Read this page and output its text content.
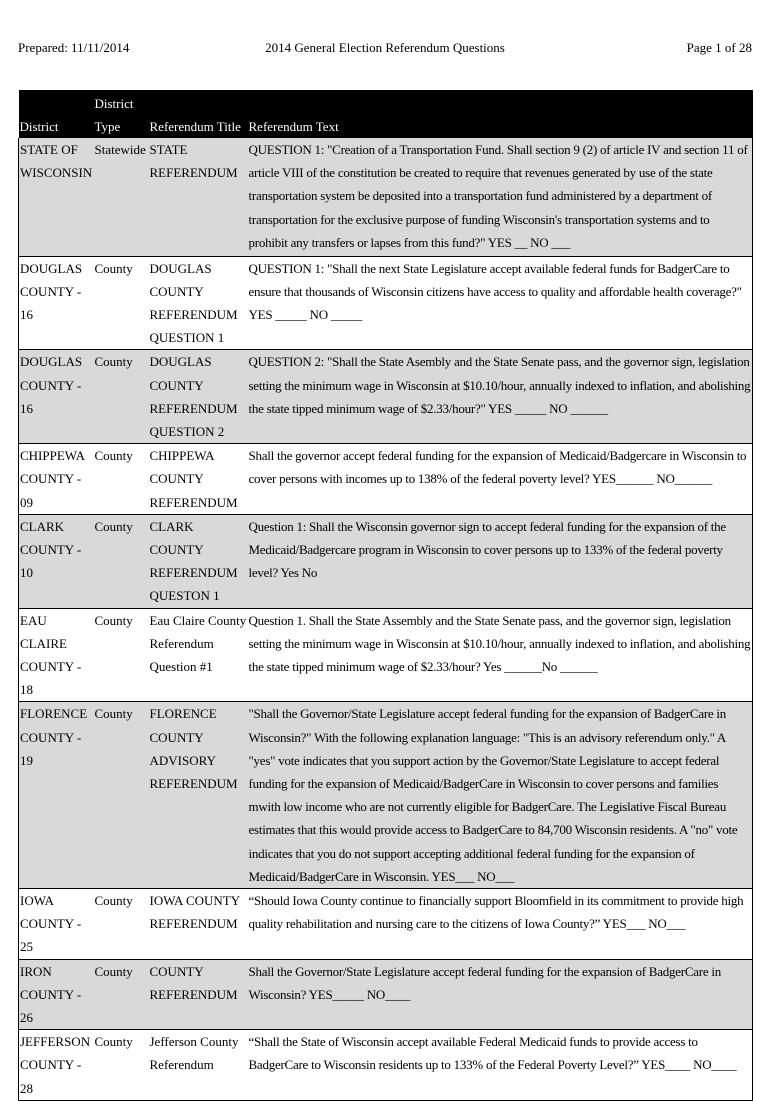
Prepared: 11/11/2014	2014 General Election Referendum Questions	Page 1 of 28
District	District Type	Referendum Title	Referendum Text
STATE OF WISCONSIN	Statewide	STATE REFERENDUM	QUESTION 1: "Creation of a Transportation Fund. Shall section 9 (2) of article IV and section 11 of article VIII of the constitution be created to require that revenues generated by use of the state transportation system be deposited into a transportation fund administered by a department of transportation for the exclusive purpose of funding Wisconsin's transportation systems and to prohibit any transfers or lapses from this fund?" YES __ NO ___
DOUGLAS COUNTY - 16	County	DOUGLAS COUNTY REFERENDUM QUESTION 1	QUESTION 1: "Shall the next State Legislature accept available federal funds for BadgerCare to ensure that thousands of Wisconsin citizens have access to quality and affordable health coverage?" YES _____ NO _____
DOUGLAS COUNTY - 16	County	DOUGLAS COUNTY REFERENDUM QUESTION 2	QUESTION 2: "Shall the State Asembly and the State Senate pass, and the governor sign, legislation setting the minimum wage in Wisconsin at $10.10/hour, annually indexed to inflation, and abolishing the state tipped minimum wage of $2.33/hour?" YES _____ NO ______
CHIPPEWA COUNTY - 09	County	CHIPPEWA COUNTY REFERENDUM	Shall the governor accept federal funding for the expansion of Medicaid/Badgercare in Wisconsin to cover persons with incomes up to 138% of the federal poverty level? YES______ NO______
CLARK COUNTY - 10	County	CLARK COUNTY REFERENDUM QUESTON 1	Question 1: Shall the Wisconsin governor sign to accept federal funding for the expansion of the Medicaid/Badgercare program in Wisconsin to cover persons up to 133% of the federal poverty level? Yes No
EAU CLAIRE COUNTY - 18	County	Eau Claire County Referendum Question #1	Question 1. Shall the State Assembly and the State Senate pass, and the governor sign, legislation setting the minimum wage in Wisconsin at $10.10/hour, annually indexed to inflation, and abolishing the state tipped minimum wage of $2.33/hour? Yes ______No ______
FLORENCE COUNTY - 19	County	FLORENCE COUNTY ADVISORY REFERENDUM	"Shall the Governor/State Legislature accept federal funding for the expansion of BadgerCare in Wisconsin?" With the following explanation language: "This is an advisory referendum only." A "yes" vote indicates that you support action by the Governor/State Legislature to accept federal funding for the expansion of Medicaid/BadgerCare in Wisconsin to cover persons and families mwith low income who are not currently eligible for BadgerCare. The Legislative Fiscal Bureau estimates that this would provide access to BadgerCare to 84,700 Wisconsin residents. A "no" vote indicates that you do not support accepting additional federal funding for the expansion of Medicaid/BadgerCare in Wisconsin. YES___ NO___
IOWA COUNTY - 25	County	IOWA COUNTY REFERENDUM	“Should Iowa County continue to financially support Bloomfield in its commitment to provide high quality rehabilitation and nursing care to the citizens of Iowa County?” YES___ NO___
IRON COUNTY - 26	County	COUNTY REFERENDUM	Shall the Governor/State Legislature accept federal funding for the expansion of BadgerCare in Wisconsin? YES_____ NO____
JEFFERSON COUNTY - 28	County	Jefferson County Referendum	“Shall the State of Wisconsin accept available Federal Medicaid funds to provide access to BadgerCare to Wisconsin residents up to 133% of the Federal Poverty Level?” YES____ NO____
